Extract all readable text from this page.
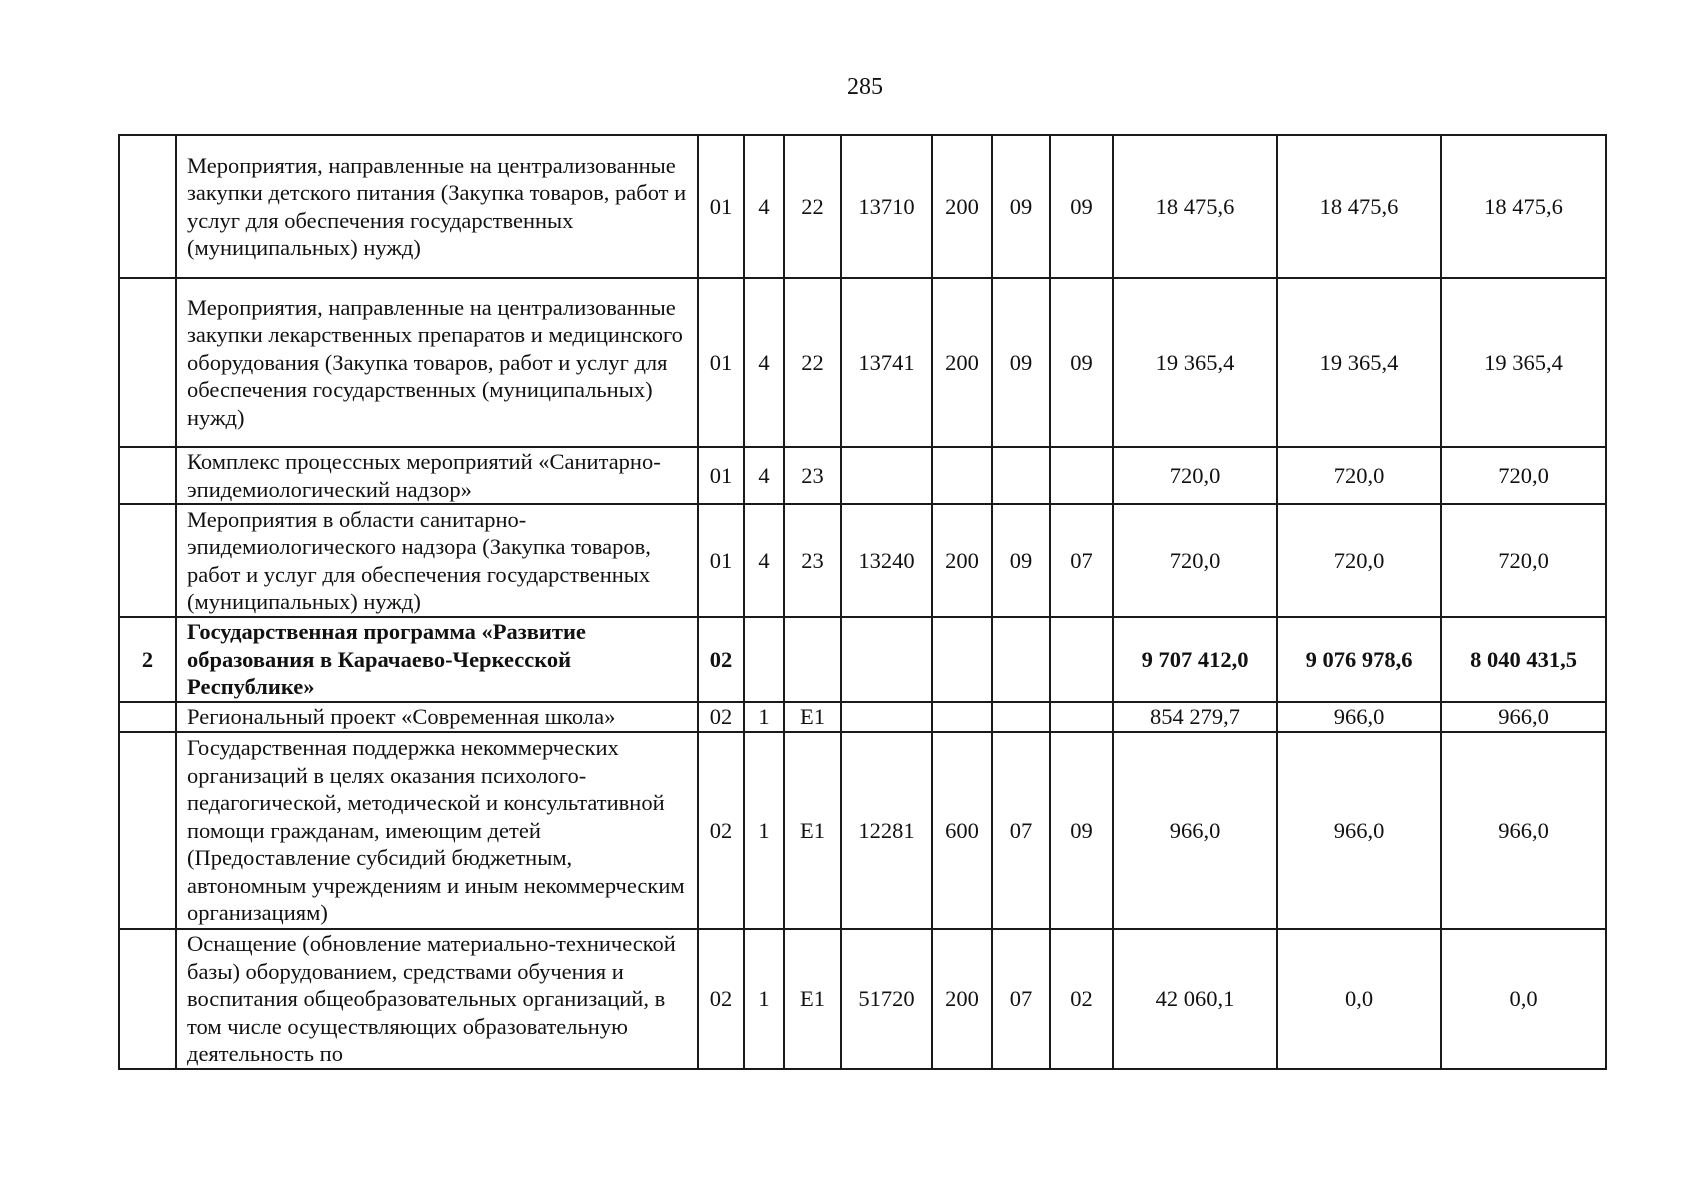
285
	Мероприятия, направленные на централизованные закупки детского питания (Закупка товаров, работ и услуг для обеспечения государственных (муниципальных) нужд)	01	4	22	13710	200	09	09	18 475,6	18 475,6	18 475,6
	Мероприятия, направленные на централизованные закупки лекарственных препаратов и медицинского оборудования (Закупка товаров, работ и услуг для обеспечения государственных (муниципальных) нужд)	01	4	22	13741	200	09	09	19 365,4	19 365,4	19 365,4
	Комплекс процессных мероприятий «Санитарно-эпидемиологический надзор»	01	4	23					720,0	720,0	720,0
	Мероприятия в области санитарно-эпидемиологического надзора (Закупка товаров, работ и услуг для обеспечения государственных (муниципальных) нужд)	01	4	23	13240	200	09	07	720,0	720,0	720,0
2	Государственная программа «Развитие образования в Карачаево-Черкесской Республике»	02							9 707 412,0	9 076 978,6	8 040 431,5
	Региональный проект «Современная школа»	02	1	Е1					854 279,7	966,0	966,0
	Государственная поддержка некоммерческих организаций в целях оказания психолого-педагогической, методической и консультативной помощи гражданам, имеющим детей (Предоставление субсидий бюджетным, автономным учреждениям и иным некоммерческим организациям)	02	1	Е1	12281	600	07	09	966,0	966,0	966,0
	Оснащение (обновление материально-технической базы) оборудованием, средствами обучения и воспитания общеобразовательных организаций, в том числе осуществляющих образовательную деятельность по	02	1	Е1	51720	200	07	02	42 060,1	0,0	0,0
